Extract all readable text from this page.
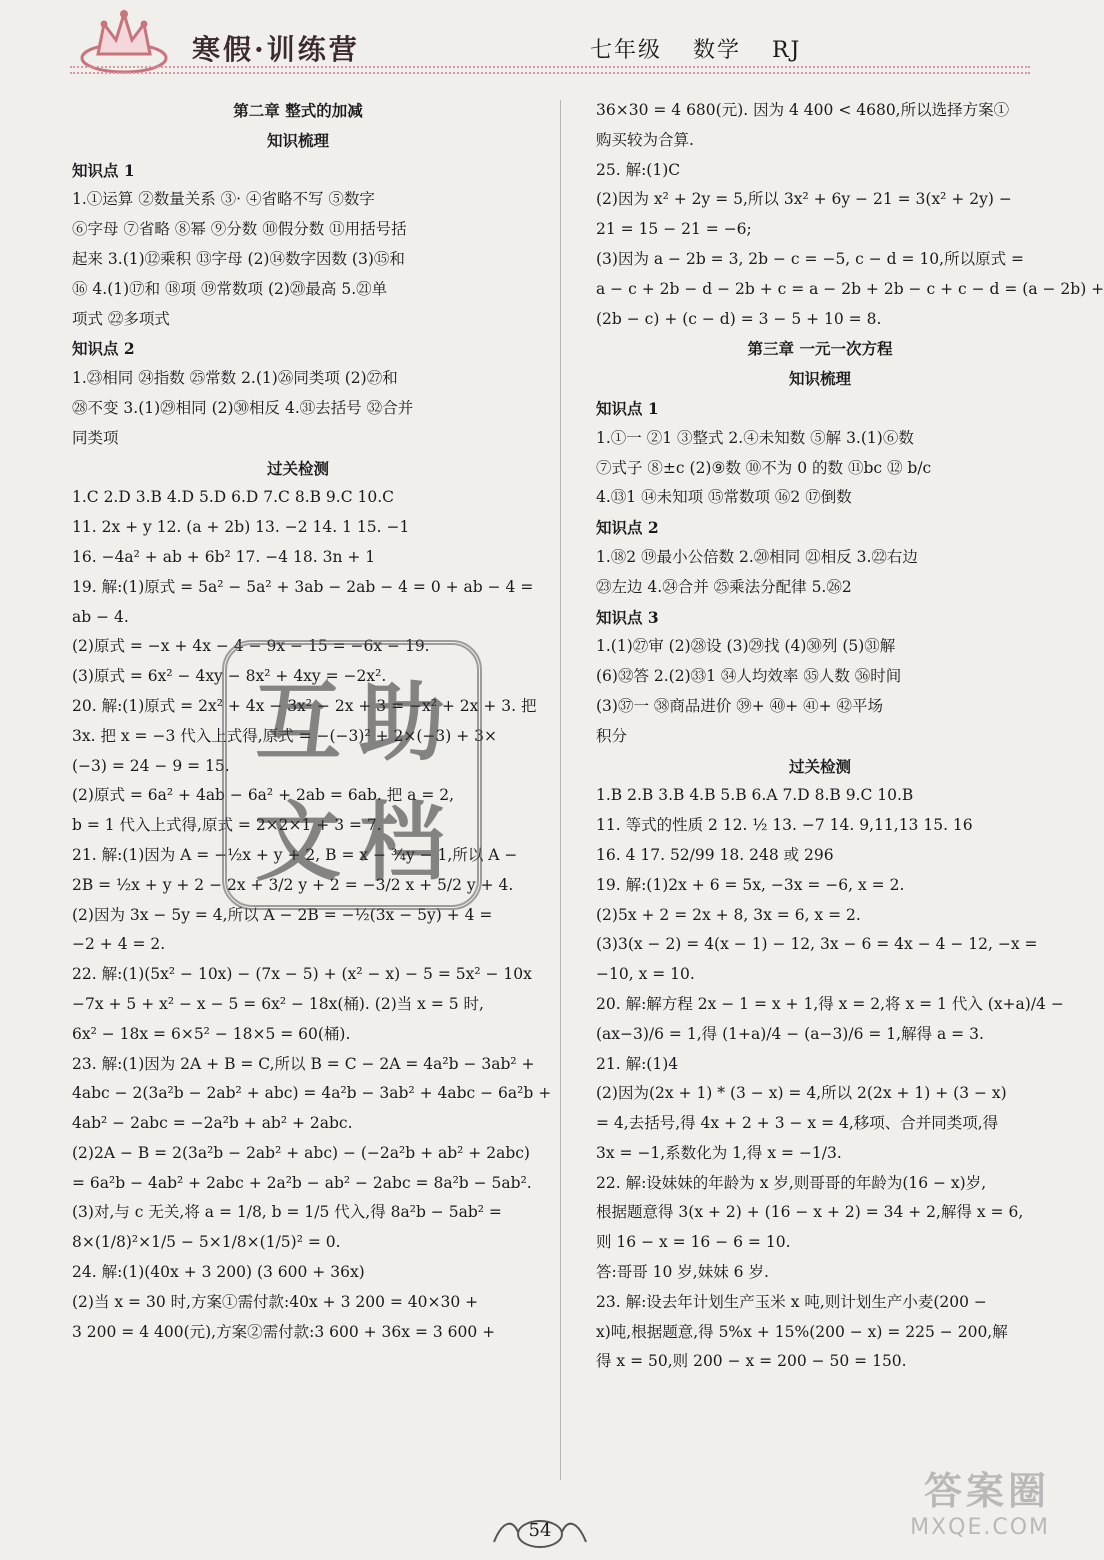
寒假·训练营	七年级 数学 RJ

第二章 整式的加减

知识梳理

知识点 1

1.①运算 ②数量关系 ③· ④省略不写 ⑤数字

⑥字母 ⑦省略 ⑧幂 ⑨分数 ⑩假分数 ⑪用括号括

起来 3.(1)⑫乘积 ⑬字母 (2)⑭数字因数 (3)⑮和

⑯ 4.(1)⑰和 ⑱项 ⑲常数项 (2)⑳最高 5.㉑单

项式 ㉒多项式

知识点 2

1.㉓相同 ㉔指数 ㉕常数 2.(1)㉖同类项 (2)㉗和

㉘不变 3.(1)㉙相同 (2)㉚相反 4.㉛去括号 ㉜合并

同类项

过关检测

1.C 2.D 3.B 4.D 5.D 6.D 7.C 8.B 9.C 10.C

11. 2x + y 12. (a + 2b) 13. −2 14. 1 15. −1

16. −4a² + ab + 6b² 17. −4 18. 3n + 1

19. 解:(1)原式 = 5a² − 5a² + 3ab − 2ab − 4 = 0 + ab − 4 =

ab − 4.

(2)原式 = −x + 4x − 4 − 9x − 15 = −6x − 19.

(3)原式 = 6x² − 4xy − 8x² + 4xy = −2x².

20. 解:(1)原式 = 2x² + 4x − 3x² − 2x + 3 = −x² + 2x + 3. 把

3x. 把 x = −3 代入上式得,原式 = −(−3)² + 2×(−3) + 3×

(−3) = 24 − 9 = 15.

(2)原式 = 6a² + 4ab − 6a² + 2ab = 6ab. 把 a = 2,

b = 1 代入上式得,原式 = 2×2×1 + 3 = 7.

21. 解:(1)因为 A = −½x + y + 2, B = x − ¾y − 1,所以 A −

2B = ½x + y + 2 − 2x + 3/2 y + 2 = −3/2 x + 5/2 y + 4.

(2)因为 3x − 5y = 4,所以 A − 2B = −½(3x − 5y) + 4 =

−2 + 4 = 2.

22. 解:(1)(5x² − 10x) − (7x − 5) + (x² − x) − 5 = 5x² − 10x

−7x + 5 + x² − x − 5 = 6x² − 18x(桶). (2)当 x = 5 时,

6x² − 18x = 6×5² − 18×5 = 60(桶).

23. 解:(1)因为 2A + B = C,所以 B = C − 2A = 4a²b − 3ab² +

4abc − 2(3a²b − 2ab² + abc) = 4a²b − 3ab² + 4abc − 6a²b +

4ab² − 2abc = −2a²b + ab² + 2abc.

(2)2A − B = 2(3a²b − 2ab² + abc) − (−2a²b + ab² + 2abc)

= 6a²b − 4ab² + 2abc + 2a²b − ab² − 2abc = 8a²b − 5ab².

(3)对,与 c 无关,将 a = 1/8, b = 1/5 代入,得 8a²b − 5ab² =

8×(1/8)²×1/5 − 5×1/8×(1/5)² = 0.

24. 解:(1)(40x + 3 200) (3 600 + 36x)

(2)当 x = 30 时,方案①需付款:40x + 3 200 = 40×30 +

3 200 = 4 400(元),方案②需付款:3 600 + 36x = 3 600 +

36×30 = 4 680(元). 因为 4 400 < 4680,所以选择方案①

购买较为合算.

25. 解:(1)C

(2)因为 x² + 2y = 5,所以 3x² + 6y − 21 = 3(x² + 2y) −

21 = 15 − 21 = −6;

(3)因为 a − 2b = 3, 2b − c = −5, c − d = 10,所以原式 =

a − c + 2b − d − 2b + c = a − 2b + 2b − c + c − d = (a − 2b) +

(2b − c) + (c − d) = 3 − 5 + 10 = 8.

第三章 一元一次方程

知识梳理

知识点 1

1.①一 ②1 ③整式 2.④未知数 ⑤解 3.(1)⑥数

⑦式子 ⑧±c (2)⑨数 ⑩不为 0 的数 ⑪bc ⑫ b/c

4.⑬1 ⑭未知项 ⑮常数项 ⑯2 ⑰倒数

知识点 2

1.⑱2 ⑲最小公倍数 2.⑳相同 ㉑相反 3.㉒右边

㉓左边 4.㉔合并 ㉕乘法分配律 5.㉖2

知识点 3

1.(1)㉗审 (2)㉘设 (3)㉙找 (4)㉚列 (5)㉛解

(6)㉜答 2.(2)㉝1 ㉞人均效率 ㉟人数 ㊱时间

(3)㊲一 ㊳商品进价 ㊴+ ㊵+ ㊶+ ㊷平场

积分

过关检测

1.B 2.B 3.B 4.B 5.B 6.A 7.D 8.B 9.C 10.B

11. 等式的性质 2 12. ½ 13. −7 14. 9,11,13 15. 16

16. 4 17. 52/99 18. 248 或 296

19. 解:(1)2x + 6 = 5x, −3x = −6, x = 2.

(2)5x + 2 = 2x + 8, 3x = 6, x = 2.

(3)3(x − 2) = 4(x − 1) − 12, 3x − 6 = 4x − 4 − 12, −x =

−10, x = 10.

20. 解:解方程 2x − 1 = x + 1,得 x = 2,将 x = 1 代入 (x+a)/4 −

(ax−3)/6 = 1,得 (1+a)/4 − (a−3)/6 = 1,解得 a = 3.

21. 解:(1)4

(2)因为(2x + 1) * (3 − x) = 4,所以 2(2x + 1) + (3 − x)

= 4,去括号,得 4x + 2 + 3 − x = 4,移项、合并同类项,得

3x = −1,系数化为 1,得 x = −1/3.

22. 解:设妹妹的年龄为 x 岁,则哥哥的年龄为(16 − x)岁,

根据题意得 3(x + 2) + (16 − x + 2) = 34 + 2,解得 x = 6,

则 16 − x = 16 − 6 = 10.

答:哥哥 10 岁,妹妹 6 岁.

23. 解:设去年计划生产玉米 x 吨,则计划生产小麦(200 −

x)吨,根据题意,得 5%x + 15%(200 − x) = 225 − 200,解

得 x = 50,则 200 − x = 200 − 50 = 150.

互 助
文 档
答案圈
MXQE.COM
54
